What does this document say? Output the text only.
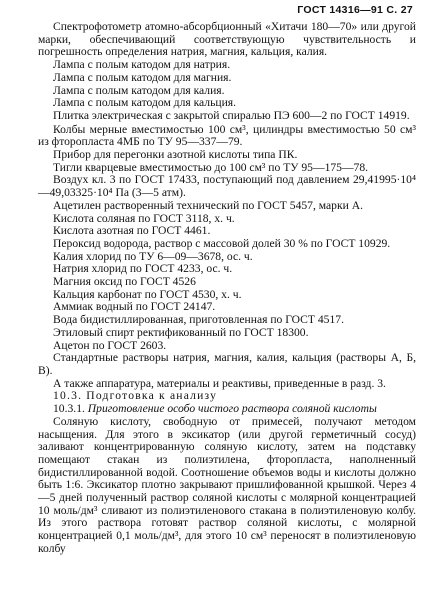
ГОСТ 14316—91 С. 27

Спектрофотометр атомно-абсорбционный «Хитачи 180—70» или другой марки, обеспечивающий соответствующую чувствительность и погрешность определения натрия, магния, кальция, калия.

Лампа с полым катодом для натрия.

Лампа с полым катодом для магния.

Лампа с полым катодом для калия.

Лампа с полым катодом для кальция.

Плитка электрическая с закрытой спиралью ПЭ 600—2 по ГОСТ 14919.

Колбы мерные вместимостью 100 см³, цилиндры вместимостью 50 см³ из фторопласта 4МБ по ТУ 95—337—79.

Прибор для перегонки азотной кислоты типа ПК.

Тигли кварцевые вместимостью до 100 см³ по ТУ 95—175—78.

Воздух кл. 3 по ГОСТ 17433, поступающий под давлением 29,41995·10⁴—49,03325·10⁴ Па (3—5 атм).

Ацетилен растворенный технический по ГОСТ 5457, марки А.

Кислота соляная по ГОСТ 3118, х. ч.

Кислота азотная по ГОСТ 4461.

Пероксид водорода, раствор с массовой долей 30 % по ГОСТ 10929.

Калия хлорид по ТУ 6—09—3678, ос. ч.

Натрия хлорид по ГОСТ 4233, ос. ч.

Магния оксид по ГОСТ 4526

Кальция карбонат по ГОСТ 4530, х. ч.

Аммиак водный по ГОСТ 24147.

Вода бидистиллированная, приготовленная по ГОСТ 4517.

Этиловый спирт ректификованный по ГОСТ 18300.

Ацетон по ГОСТ 2603.

Стандартные растворы натрия, магния, калия, кальция (растворы А, Б, В).

А также аппаратура, материалы и реактивы, приведенные в разд. 3.

10.3. Подготовка к анализу

10.3.1. Приготовление особо чистого раствора соляной кислоты

Соляную кислоту, свободную от примесей, получают методом насыщения. Для этого в эксикатор (или другой герметичный сосуд) заливают концентрированную соляную кислоту, затем на подставку помещают стакан из полиэтилена, фторопласта, наполненный бидистиллированной водой. Соотношение объемов воды и кислоты должно быть 1:6. Эксикатор плотно закрывают пришлифованной крышкой. Через 4—5 дней полученный раствор соляной кислоты с молярной концентрацией 10 моль/дм³ сливают из полиэтиленового стакана в полиэтиленовую колбу. Из этого раствора готовят раствор соляной кислоты, с молярной концентрацией 0,1 моль/дм³, для этого 10 см³ переносят в полиэтиленовую колбу
